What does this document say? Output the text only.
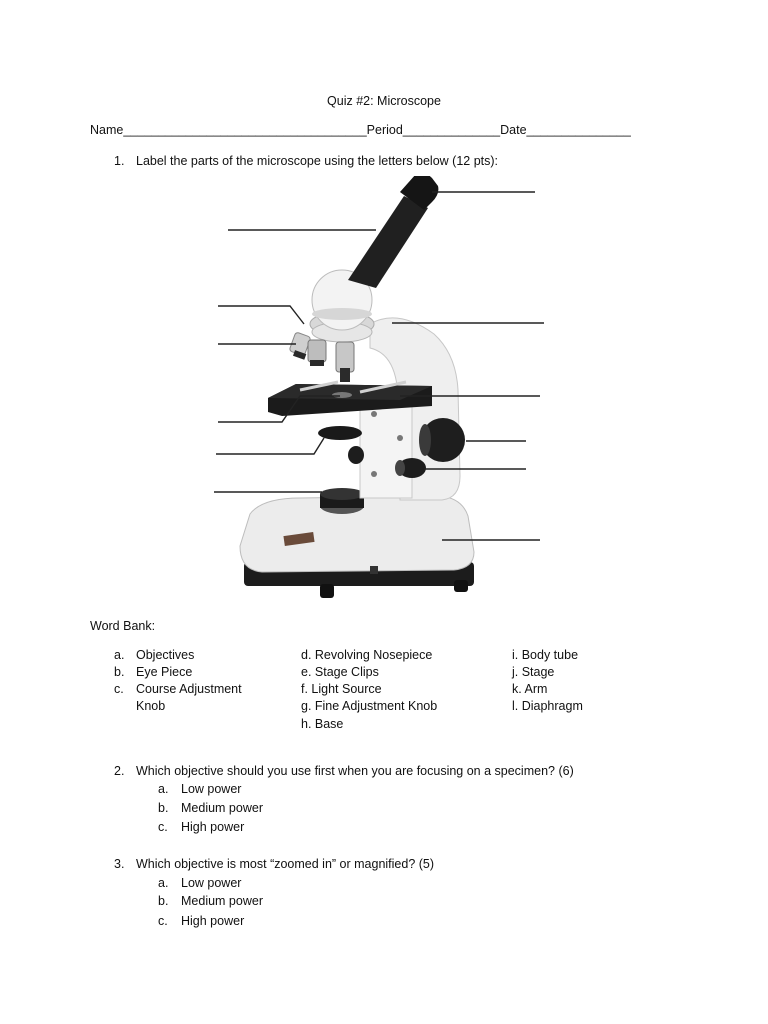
Quiz #2: Microscope
Name___________________________________Period______________Date_______________
1. Label the parts of the microscope using the letters below (12 pts):
Word Bank:
a. Objectives
b. Eye Piece
c. Course Adjustment
Knob
d. Revolving Nosepiece
e. Stage Clips
f. Light Source
g. Fine Adjustment Knob
h. Base
i. Body tube
j. Stage
k. Arm
l. Diaphragm
2. Which objective should you use first when you are focusing on a specimen? (6)
a.	Low power
b.	Medium power
c.	High power
3. Which objective is most “zoomed in” or magnified? (5)
a.	Low power
b.	Medium power
c.	High power
